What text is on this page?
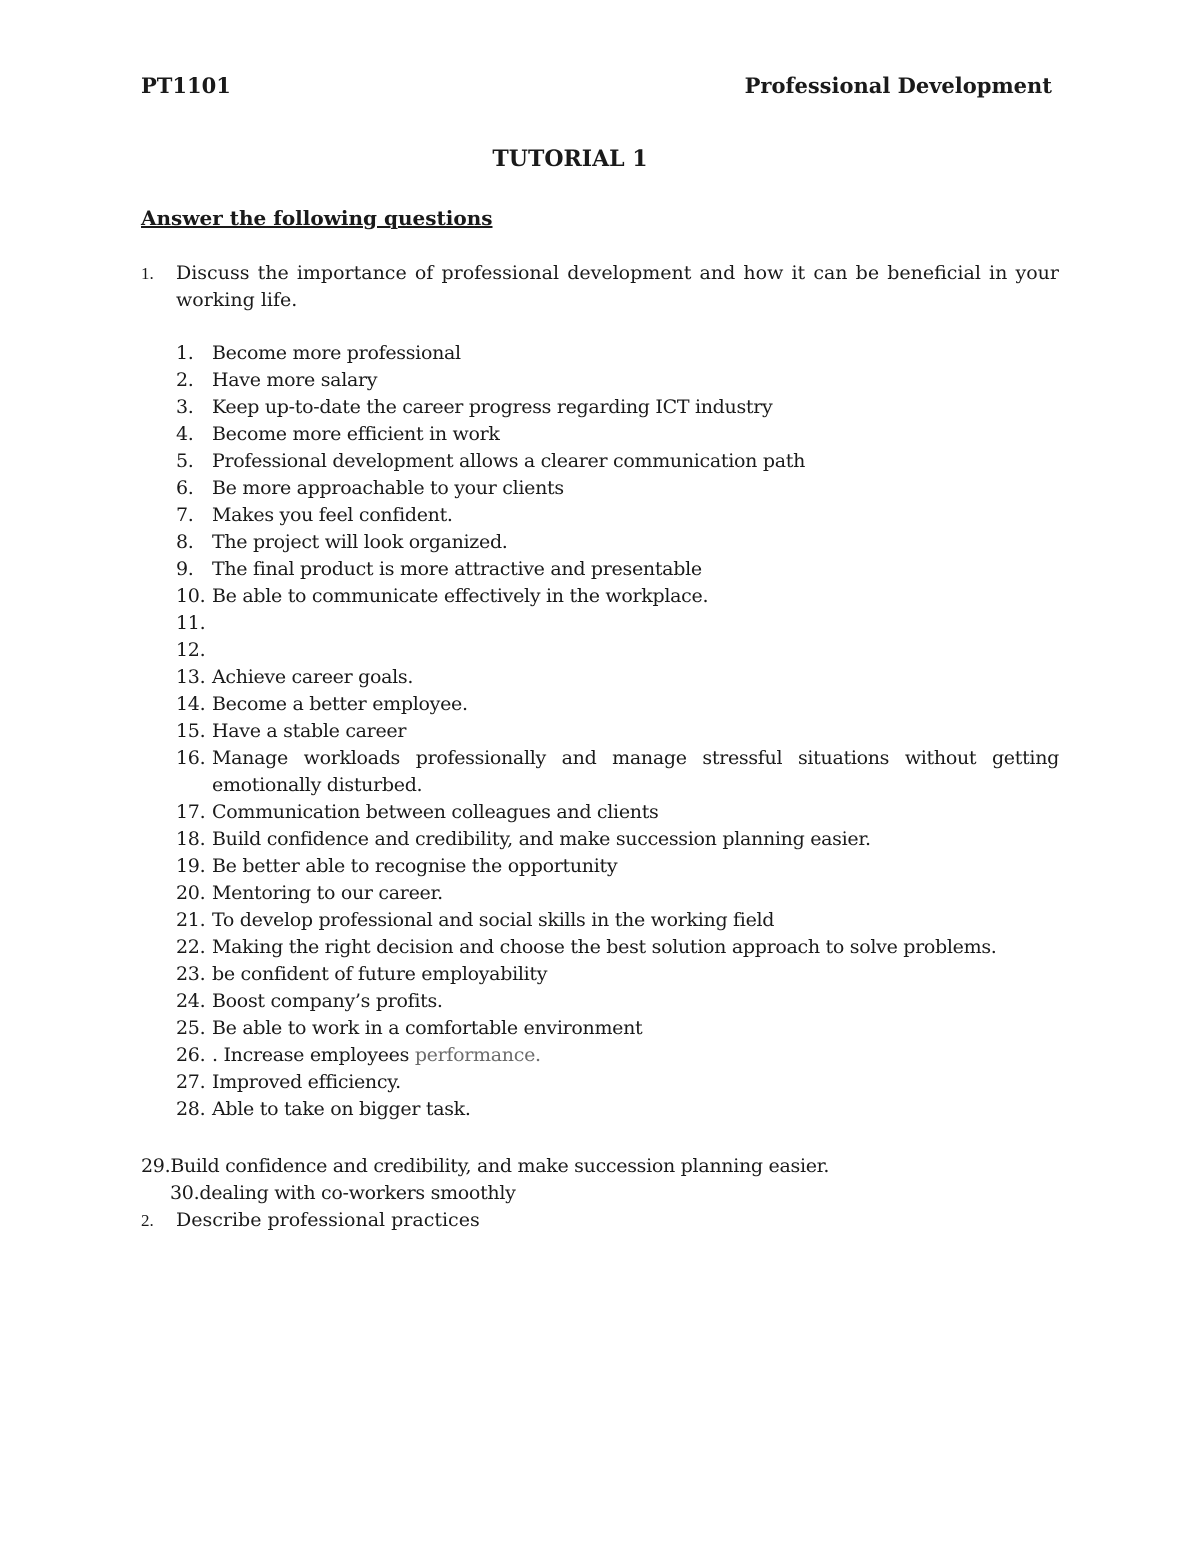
PT1101	Professional Development
TUTORIAL 1
Answer the following questions
1. Discuss the importance of professional development and how it can be beneficial in your working life.
1. Become more professional
2. Have more salary
3. Keep up-to-date the career progress regarding ICT industry
4. Become more efficient in work
5. Professional development allows a clearer communication path
6. Be more approachable to your clients
7. Makes you feel confident.
8. The project will look organized.
9. The final product is more attractive and presentable
10. Be able to communicate effectively in the workplace.
11.

12.

13. Achieve career goals.
14. Become a better employee.
15. Have a stable career
16. Manage workloads professionally and manage stressful situations without getting emotionally disturbed.
17. Communication between colleagues and clients
18. Build confidence and credibility, and make succession planning easier.
19. Be better able to recognise the opportunity
20. Mentoring to our career.
21. To develop professional and social skills in the working field
22. Making the right decision and choose the best solution approach to solve problems.
23. be confident of future employability
24. Boost company’s profits.
25. Be able to work in a comfortable environment
26. . Increase employees performance.
27. Improved efficiency.
28. Able to take on bigger task.
29.Build confidence and credibility, and make succession planning easier.
30.dealing with co-workers smoothly
2. Describe professional practices
